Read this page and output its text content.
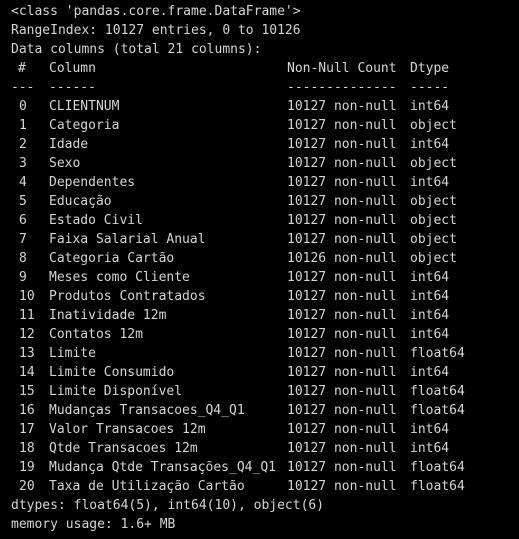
<class 'pandas.core.frame.DataFrame'>
RangeIndex: 10127 entries, 0 to 10126
Data columns (total 21 columns):
#	Column	Non-Null Count	Dtype
---	------	--------------	-----
0	CLIENTNUM	10127 non-null	int64
1	Categoria	10127 non-null	object
2	Idade	10127 non-null	int64
3	Sexo	10127 non-null	object
4	Dependentes	10127 non-null	int64
5	Educação	10127 non-null	object
6	Estado Civil	10127 non-null	object
7	Faixa Salarial Anual	10127 non-null	object
8	Categoria Cartão	10126 non-null	object
9	Meses como Cliente	10127 non-null	int64
10	Produtos Contratados	10127 non-null	int64
11	Inatividade 12m	10127 non-null	int64
12	Contatos 12m	10127 non-null	int64
13	Limite	10127 non-null	float64
14	Limite Consumido	10127 non-null	int64
15	Limite Disponível	10127 non-null	float64
16	Mudanças Transacoes_Q4_Q1	10127 non-null	float64
17	Valor Transacoes 12m	10127 non-null	int64
18	Qtde Transacoes 12m	10127 non-null	int64
19	Mudança Qtde Transações_Q4_Q1 10127 non-null	float64
20	Taxa de Utilização Cartão	10127 non-null	float64
dtypes: float64(5), int64(10), object(6)
memory usage: 1.6+ MB
